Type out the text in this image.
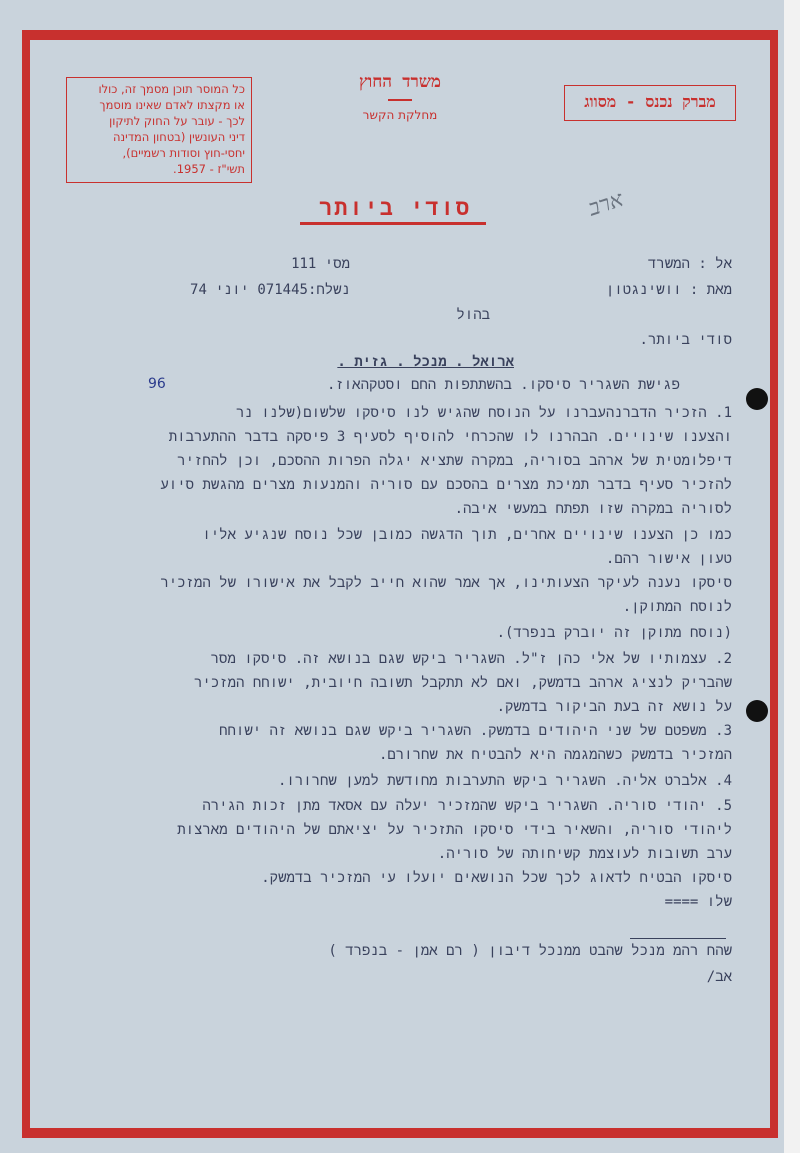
כל המוסר תוכן מסמך זה, כולו
או מקצתו לאדם שאינו מוסמך
לכך - עובר על החוק לתיקון
דיני העונשין (בטחון המדינה
יחסי-חוץ וסודות רשמיים),
תשי"ז - 1957.
משרד החוץ
מחלקת הקשר
מברק נכנס - מסווג
סודי ביותר	ארב
אל : המשרד
מאת : וושינגטון
מסי 111
נשלח:071445 יוני 74
בהול
סודי ביותר.
ארואל . מנכל . גזית .
96	פגישת השגריר סיסקו. בהשתתפות החם וסטקהאוז.
1. הזכיר הדברנהעברנו על הנוסח שהגיש לנו סיסקו שלשום(שלנו נר
והצענו שינויים. הבהרנו לו שהכרחי להוסיף לסעיף 3 פיסקה בדבר ההתערבות
דיפלומטית של ארהב בסוריה, במקרה שתציא יגלה הפרות ההסכם, וכן להחזיר
להזכיר סעיף בדבר תמיכת מצרים בהסכם עם סוריה והמנעות מצרים מהגשת סיוע
לסוריה במקרה שזו תפתח במעשי איבה.
כמו כן הצענו שינויים אחרים, תוך הדגשה כמובן שכל נוסח שנגיע אליו
טעון אישור רהם.
סיסקו נענה לעיקר הצעותינו, אך אמר שהוא חייב לקבל את אישורו של המזכיר
לנוסח המתוקן.
(נוסח מתוקן זה יוברק בנפרד).
2. עצמותיו של אלי כהן ז"ל. השגריר ביקש שגם בנושא זה. סיסקו מסר
שהבריק לנציג ארהב בדמשק, ואם לא תתקבל תשובה חיובית, ישוחח המזכיר
על נושא זה בעת הביקור בדמשק.
3. משפטם של שני היהודים בדמשק. השגריר ביקש שגם בנושא זה ישוחח
המזכיר בדמשק כשהמגמה היא להבטיח את שחרורם.
4. אלברט אליה. השגריר ביקש התערבות מחודשת למען שחרורו.
5. יהודי סוריה. השגריר ביקש שהמזכיר יעלה עם אסאד מתן זכות הגירה
ליהודי סוריה, והשאיר בידי סיסקו התזכיר על יציאתם של היהודים מארצות
ערב תשובות לעוצמת קשיחותה של סוריה.
סיסקו הבטיח לדאוג לכך שכל הנושאים יועלו עי המזכיר בדמשק.
שלו ====
שהח רהמ מנכל שהבט ממנכל דיבון ( רם אמן - בנפרד )
אב/
